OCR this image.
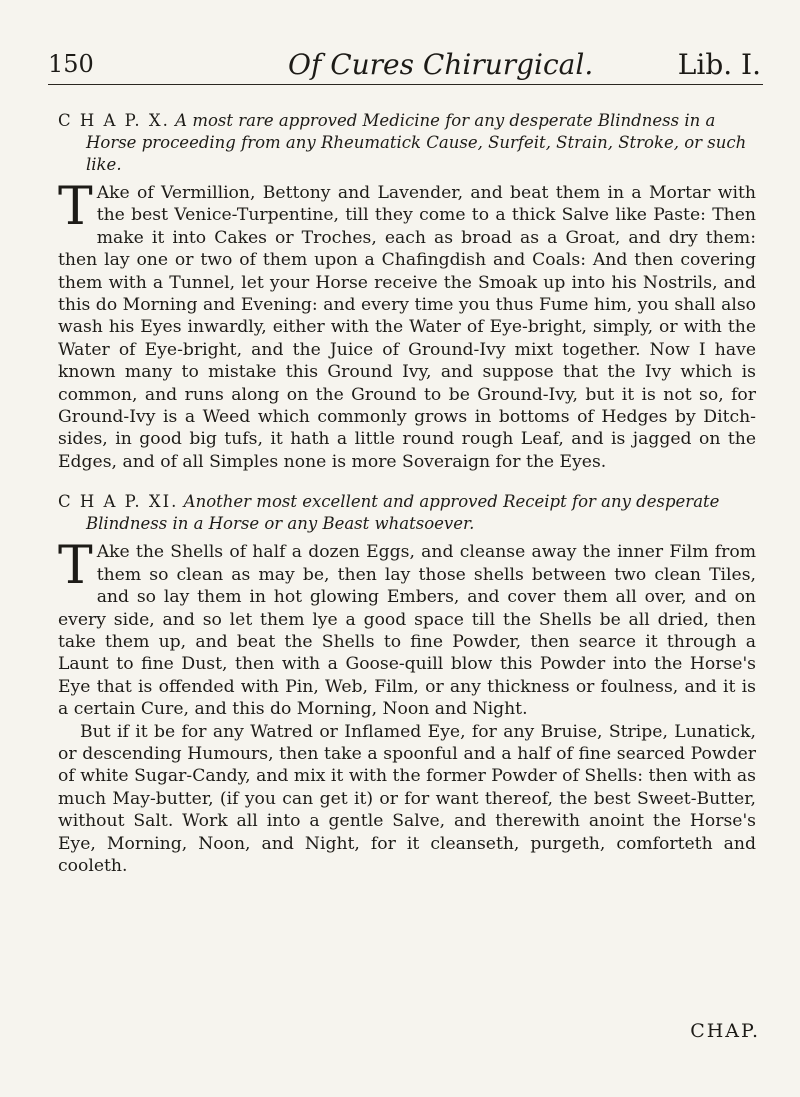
150	Of Cures Chirurgical.	Lib. I.
C H A P. X. A most rare approved Medicine for any desperate Blindness in a Horse proceeding from any Rheumatick Cause, Surfeit, Strain, Stroke, or such like.

T Ake of Vermillion, Bettony and Lavender, and beat them in a Mortar with the best Venice-Turpentine, till they come to a thick Salve like Paste: Then make it into Cakes or Troches, each as broad as a Groat, and dry them: then lay one or two of them upon a Chafingdish and Coals: And then covering them with a Tunnel, let your Horse receive the Smoak up into his Nostrils, and this do Morning and Evening: and every time you thus Fume him, you shall also wash his Eyes inwardly, either with the Water of Eye-bright, simply, or with the Water of Eye-bright, and the Juice of Ground-Ivy mixt together. Now I have known many to mistake this Ground Ivy, and suppose that the Ivy which is common, and runs along on the Ground to be Ground-Ivy, but it is not so, for Ground-Ivy is a Weed which commonly grows in bottoms of Hedges by Ditch-sides, in good big tufs, it hath a little round rough Leaf, and is jagged on the Edges, and of all Simples none is more Soveraign for the Eyes.

C H A P. XI. Another most excellent and approved Receipt for any desperate Blindness in a Horse or any Beast whatsoever.

T Ake the Shells of half a dozen Eggs, and cleanse away the inner Film from them so clean as may be, then lay those shells between two clean Tiles, and so lay them in hot glowing Embers, and cover them all over, and on every side, and so let them lye a good space till the Shells be all dried, then take them up, and beat the Shells to fine Powder, then searce it through a Launt to fine Dust, then with a Goose-quill blow this Powder into the Horse's Eye that is offended with Pin, Web, Film, or any thickness or foulness, and it is a certain Cure, and this do Morning, Noon and Night.

But if it be for any Watred or Inflamed Eye, for any Bruise, Stripe, Lunatick, or descending Humours, then take a spoonful and a half of fine searced Powder of white Sugar-Candy, and mix it with the former Powder of Shells: then with as much May-butter, (if you can get it) or for want thereof, the best Sweet-Butter, without Salt. Work all into a gentle Salve, and therewith anoint the Horse's Eye, Morning, Noon, and Night, for it cleanseth, purgeth, comforteth and cooleth.

CHAP.
